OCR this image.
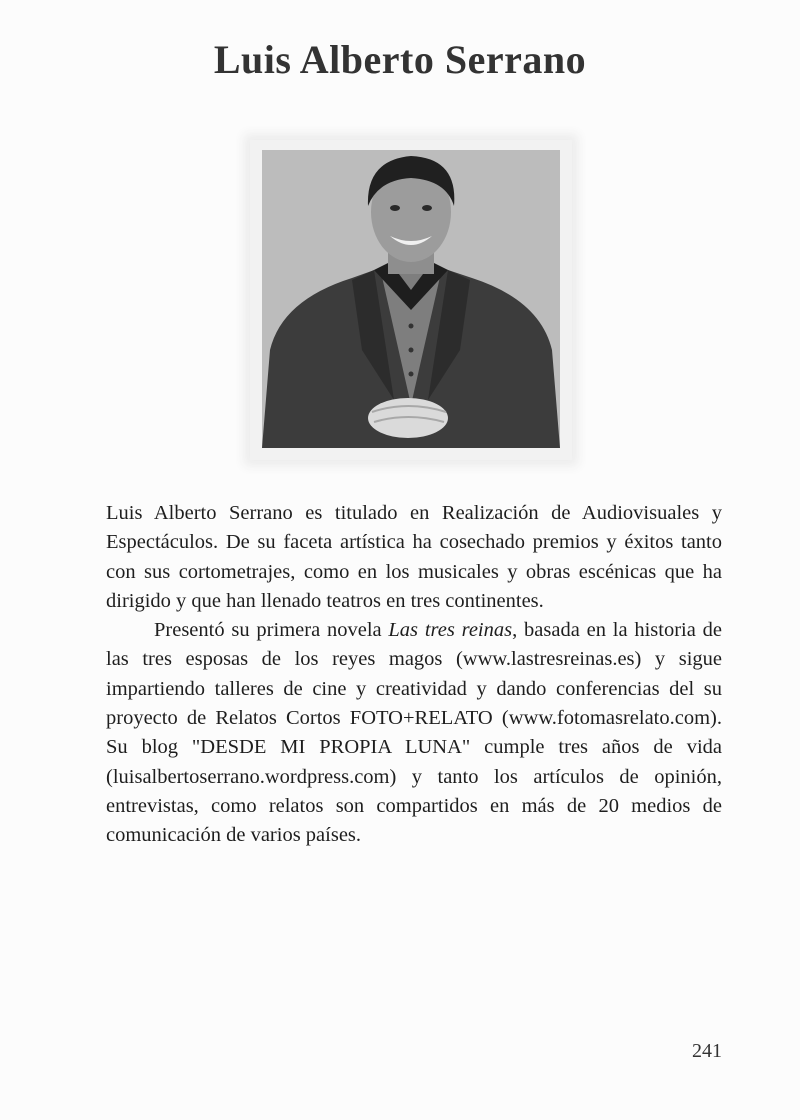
Luis Alberto Serrano

Luis Alberto Serrano es titulado en Realización de Audiovisuales y Espectáculos. De su faceta artística ha cosechado premios y éxitos tanto con sus cortometrajes, como en los musicales y obras escénicas que ha dirigido y que han llenado teatros en tres continentes.

Presentó su primera novela Las tres reinas, basada en la historia de las tres esposas de los reyes magos (www.lastresreinas.es) y sigue impartiendo talleres de cine y creatividad y dando conferencias del su proyecto de Relatos Cortos FOTO+RELATO (www.fotomasrelato.com). Su blog "DESDE MI PROPIA LUNA" cumple tres años de vida (luisalbertoserrano.wordpress.com) y tanto los artículos de opinión, entrevistas, como relatos son compartidos en más de 20 medios de comunicación de varios países.

241
